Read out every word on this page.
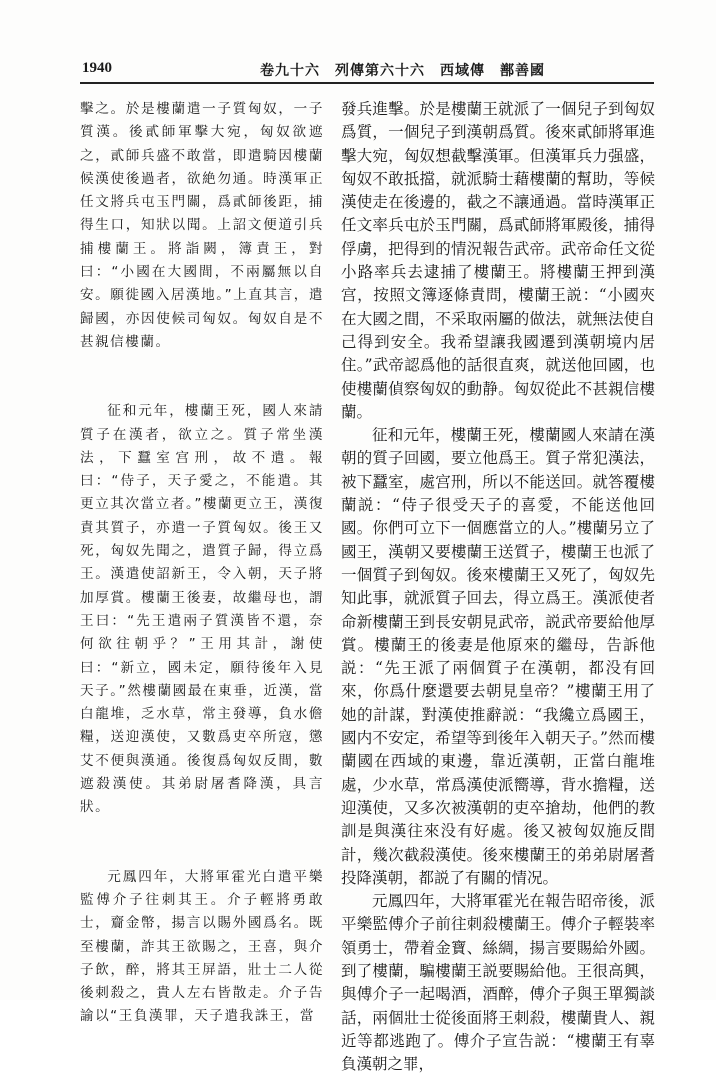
1940	卷九十六　列傳第六十六　西域傳　鄯善國

擊之。於是樓蘭遣一子質匈奴，一子質漢。後貳師軍擊大宛，匈奴欲遮之，貳師兵盛不敢當，即遣騎因樓蘭候漢使後過者，欲絶勿通。時漢軍正任文將兵屯玉門關，爲貳師後距，捕得生口，知狀以聞。上詔文便道引兵捕樓蘭王。將詣闕，簿責王，對曰：“小國在大國間，不兩屬無以自安。願徙國入居漢地。”上直其言，遣歸國，亦因使候司匈奴。匈奴自是不甚親信樓蘭。

征和元年，樓蘭王死，國人來請質子在漢者，欲立之。質子常坐漢法，下蠶室宫刑，故不遣。報曰：“侍子，天子愛之，不能遣。其更立其次當立者。”樓蘭更立王，漢復責其質子，亦遣一子質匈奴。後王又死，匈奴先聞之，遣質子歸，得立爲王。漢遣使詔新王，令入朝，天子將加厚賞。樓蘭王後妻，故繼母也，謂王曰：“先王遣兩子質漢皆不還，奈何欲往朝乎？”王用其計，謝使曰：“新立，國未定，願待後年入見天子。”然樓蘭國最在東垂，近漢，當白龍堆，乏水草，常主發導，負水儋糧，送迎漢使，又數爲吏卒所寇，懲艾不便與漢通。後復爲匈奴反間，數遮殺漢使。其弟尉屠耆降漢，具言狀。

元鳳四年，大將軍霍光白遣平樂監傅介子往刺其王。介子輕將勇敢士，齎金幣，揚言以賜外國爲名。既至樓蘭，詐其王欲賜之，王喜，與介子飲，醉，將其王屏語，壯士二人從後刺殺之，貴人左右皆散走。介子告諭以“王負漢罪，天子遣我誅王，當

發兵進擊。於是樓蘭王就派了一個兒子到匈奴爲質，一個兒子到漢朝爲質。後來貳師將軍進擊大宛，匈奴想截擊漢軍。但漢軍兵力强盛，匈奴不敢抵擋，就派騎士藉樓蘭的幫助，等候漢使走在後邊的，截之不讓通過。當時漢軍正任文率兵屯於玉門關，爲貳師將軍殿後，捕得俘虜，把得到的情況報告武帝。武帝命任文從小路率兵去逮捕了樓蘭王。將樓蘭王押到漢宫，按照文簿逐條責問，樓蘭王説：“小國夾在大國之間，不采取兩屬的做法，就無法使自己得到安全。我希望讓我國遷到漢朝境内居住。”武帝認爲他的話很直爽，就送他回國，也使樓蘭偵察匈奴的動静。匈奴從此不甚親信樓蘭。

征和元年，樓蘭王死，樓蘭國人來請在漢朝的質子回國，要立他爲王。質子常犯漢法，被下蠶室，處宫刑，所以不能送回。就答覆樓蘭説：“侍子很受天子的喜愛，不能送他回國。你們可立下一個應當立的人。”樓蘭另立了國王，漢朝又要樓蘭王送質子，樓蘭王也派了一個質子到匈奴。後來樓蘭王又死了，匈奴先知此事，就派質子回去，得立爲王。漢派使者命新樓蘭王到長安朝見武帝，説武帝要給他厚賞。樓蘭王的後妻是他原來的繼母，告訴他説：“先王派了兩個質子在漢朝，都没有回來，你爲什麼還要去朝見皇帝？”樓蘭王用了她的計謀，對漢使推辭説：“我纔立爲國王，國内不安定，希望等到後年入朝天子。”然而樓蘭國在西域的東邊，靠近漢朝，正當白龍堆處，少水草，常爲漢使派嚮導，背水擔糧，送迎漢使，又多次被漢朝的吏卒搶劫，他們的教訓是與漢往來没有好處。後又被匈奴施反間計，幾次截殺漢使。後來樓蘭王的弟弟尉屠耆投降漢朝，都説了有關的情况。

元鳳四年，大將軍霍光在報告昭帝後，派平樂監傅介子前往刺殺樓蘭王。傅介子輕裝率領勇士，帶着金寶、絲綢，揚言要賜給外國。到了樓蘭，騙樓蘭王説要賜給他。王很高興，與傅介子一起喝酒，酒醉，傅介子與王單獨談話，兩個壯士從後面將王刺殺，樓蘭貴人、親近等都逃跑了。傅介子宣告説：“樓蘭王有辜負漢朝之罪，
